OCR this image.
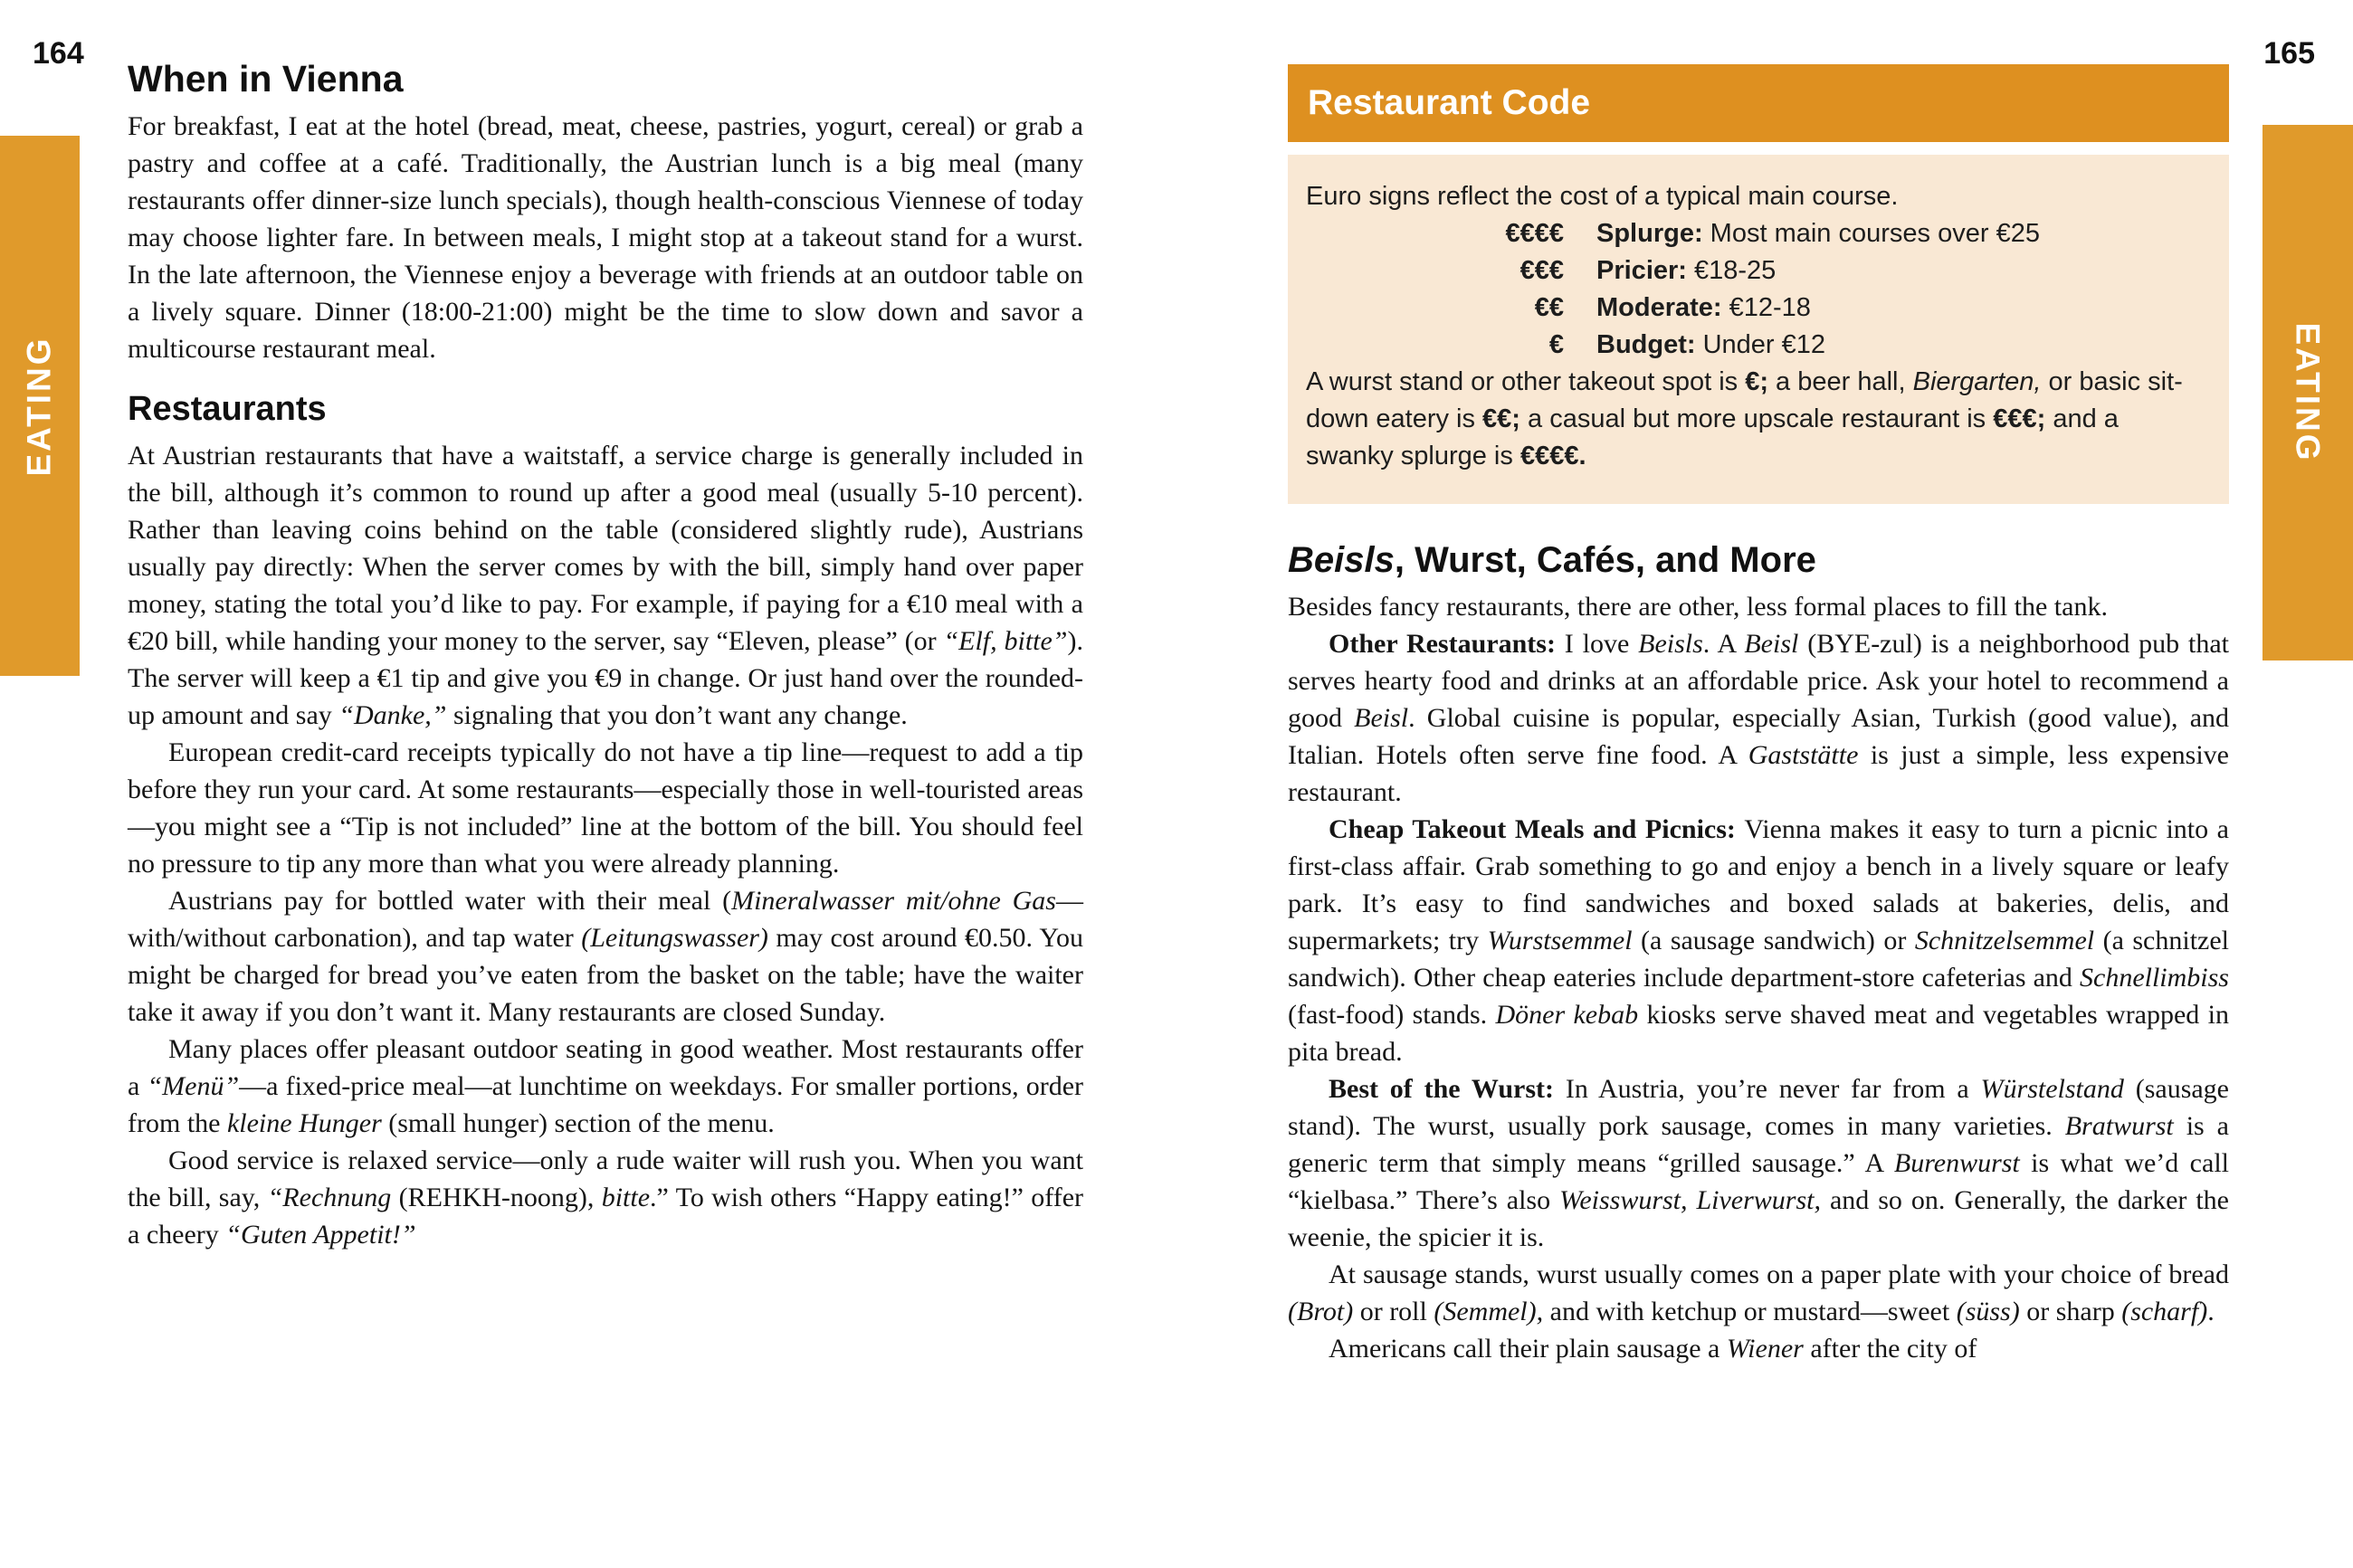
164	165
EATING	EATING
When in Vienna

For breakfast, I eat at the hotel (bread, meat, cheese, pastries, yogurt, cereal) or grab a pastry and coffee at a café. Traditionally, the Austrian lunch is a big meal (many restaurants offer dinner-size lunch specials), though health-conscious Viennese of today may choose lighter fare. In between meals, I might stop at a takeout stand for a wurst. In the late afternoon, the Viennese enjoy a beverage with friends at an outdoor table on a lively square. Dinner (18:00-21:00) might be the time to slow down and savor a multicourse restaurant meal.

Restaurants

At Austrian restaurants that have a waitstaff, a service charge is generally included in the bill, although it’s common to round up after a good meal (usually 5-10 percent). Rather than leaving coins behind on the table (considered slightly rude), Austrians usually pay directly: When the server comes by with the bill, simply hand over paper money, stating the total you’d like to pay. For example, if paying for a €10 meal with a €20 bill, while handing your money to the server, say “Eleven, please” (or “Elf, bitte”). The server will keep a €1 tip and give you €9 in change. Or just hand over the rounded-up amount and say “Danke,” signaling that you don’t want any change.

European credit-card receipts typically do not have a tip line—request to add a tip before they run your card. At some restaurants—especially those in well-touristed areas—you might see a “Tip is not included” line at the bottom of the bill. You should feel no pressure to tip any more than what you were already planning.

Austrians pay for bottled water with their meal (Mineralwasser mit/ohne Gas—with/without carbonation), and tap water (Leitungswasser) may cost around €0.50. You might be charged for bread you’ve eaten from the basket on the table; have the waiter take it away if you don’t want it. Many restaurants are closed Sunday.

Many places offer pleasant outdoor seating in good weather. Most restaurants offer a “Menü”—a fixed-price meal—at lunchtime on weekdays. For smaller portions, order from the kleine Hunger (small hunger) section of the menu.

Good service is relaxed service—only a rude waiter will rush you. When you want the bill, say, “Rechnung (REHKH-noong), bitte.” To wish others “Happy eating!” offer a cheery “Guten Appetit!”

Restaurant Code

Euro signs reflect the cost of a typical main course.

€€€€	Splurge: Most main courses over €25
€€€	Pricier: €18-25
€€	Moderate: €12-18
€	Budget: Under €12

A wurst stand or other takeout spot is €; a beer hall, Biergarten, or basic sit-down eatery is €€; a casual but more upscale restaurant is €€€; and a swanky splurge is €€€€.

Beisls, Wurst, Cafés, and More

Besides fancy restaurants, there are other, less formal places to fill the tank.

Other Restaurants: I love Beisls. A Beisl (BYE-zul) is a neighborhood pub that serves hearty food and drinks at an affordable price. Ask your hotel to recommend a good Beisl. Global cuisine is popular, especially Asian, Turkish (good value), and Italian. Hotels often serve fine food. A Gaststätte is just a simple, less expensive restaurant.

Cheap Takeout Meals and Picnics: Vienna makes it easy to turn a picnic into a first-class affair. Grab something to go and enjoy a bench in a lively square or leafy park. It’s easy to find sandwiches and boxed salads at bakeries, delis, and supermarkets; try Wurstsemmel (a sausage sandwich) or Schnitzelsemmel (a schnitzel sandwich). Other cheap eateries include department-store cafeterias and Schnellimbiss (fast-food) stands. Döner kebab kiosks serve shaved meat and vegetables wrapped in pita bread.

Best of the Wurst: In Austria, you’re never far from a Würstelstand (sausage stand). The wurst, usually pork sausage, comes in many varieties. Bratwurst is a generic term that simply means “grilled sausage.” A Burenwurst is what we’d call “kielbasa.” There’s also Weisswurst, Liverwurst, and so on. Generally, the darker the weenie, the spicier it is.

At sausage stands, wurst usually comes on a paper plate with your choice of bread (Brot) or roll (Semmel), and with ketchup or mustard—sweet (süss) or sharp (scharf).

Americans call their plain sausage a Wiener after the city of
